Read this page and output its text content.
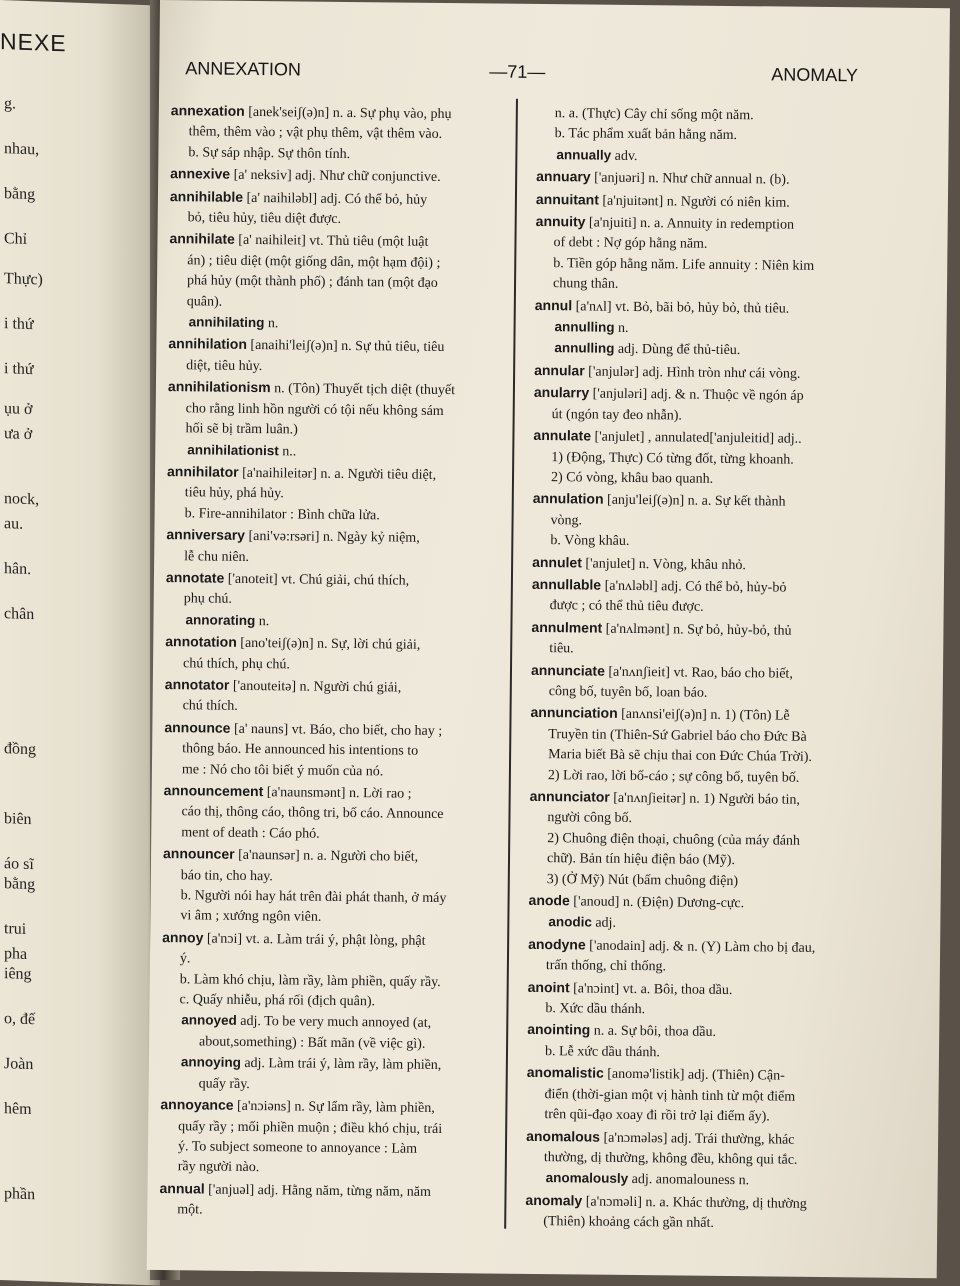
NEXE
g.
nhau,
bằng
Chỉ
Thực)
i thứ
i thứ
ụu ở
ưa ở
nock,
au.
hân.
chân
đồng
biên
áo sĩ
bằng
trui
pha
iêng
o, đế
Joàn
hêm
phần
ANNEXATION	—71—	ANOMALY
annexation [anek'seiʃ(ə)n] n. a. Sự phụ vào, phụ
thêm, thêm vào ; vật phụ thêm, vật thêm vào.
b. Sự sáp nhập. Sự thôn tính.
annexive [a' neksiv] adj. Như chữ conjunctive.
annihilable [a' naihiləbl] adj. Có thể bỏ, hủy
bỏ, tiêu hủy, tiêu diệt được.
annihilate [a' naihileit] vt. Thủ tiêu (một luật
án) ; tiêu diệt (một giống dân, một hạm đội) ;
phá hủy (một thành phố) ; đánh tan (một đạo
quân).
annihilating n.
annihilation [anaihi'leiʃ(ə)n] n. Sự thủ tiêu, tiêu
diệt, tiêu hủy.
annihilationism n. (Tôn) Thuyết tịch diệt (thuyết
cho rằng linh hồn người có tội nếu không sám
hối sẽ bị trầm luân.)
annihilationist n..
annihilator [a'naihileitər] n. a. Người tiêu diệt,
tiêu hủy, phá hủy.
b. Fire-annihilator : Bình chữa lửa.
anniversary [ani'və:rsəri] n. Ngày kỷ niệm,
lễ chu niên.
annotate ['anoteit] vt. Chú giải, chú thích,
phụ chú.
annorating n.
annotation [ano'teiʃ(ə)n] n. Sự, lời chú giải,
chú thích, phụ chú.
annotator ['anouteitə] n. Người chú giải,
chú thích.
announce [a' nauns] vt. Báo, cho biết, cho hay ;
thông báo. He announced his intentions to
me : Nó cho tôi biết ý muốn của nó.
announcement [a'naunsmənt] n. Lời rao ;
cáo thị, thông cáo, thông tri, bố cáo. Announce
ment of death : Cáo phó.
announcer [a'naunsər] n. a. Người cho biết,
báo tin, cho hay.
b. Người nói hay hát trên đài phát thanh, ở máy
vi âm ; xướng ngôn viên.
annoy [a'nɔi] vt. a. Làm trái ý, phật lòng, phật
ý.
b. Làm khó chịu, làm rầy, làm phiền, quấy rầy.
c. Quấy nhiễu, phá rối (địch quân).
annoyed adj. To be very much annoyed (at,
about,something) : Bất mãn (về việc gì).
annoying adj. Làm trái ý, làm rầy, làm phiền,
quấy rầy.
annoyance [a'nɔiəns] n. Sự lẩm rầy, làm phiền,
quấy rầy ; mối phiền muộn ; điều khó chịu, trái
ý. To subject someone to annoyance : Làm
rầy người nào.
annual ['anjuəl] adj. Hằng năm, từng năm, năm
một.
n. a. (Thực) Cây chỉ sống một năm.
b. Tác phẩm xuất bản hằng năm.
annually adv.
annuary ['anjuəri] n. Như chữ annual n. (b).
annuitant [a'njuitənt] n. Người có niên kim.
annuity [a'njuiti] n. a. Annuity in redemption
of debt : Nợ góp hằng năm.
b. Tiền góp hằng năm. Life annuity : Niên kim
chung thân.
annul [a'nʌl] vt. Bỏ, bãi bỏ, hủy bỏ, thủ tiêu.
annulling n.
annulling adj. Dùng để thủ-tiêu.
annular ['anjulər] adj. Hình tròn như cái vòng.
anularry ['anjuləri] adj. & n. Thuộc về ngón áp
út (ngón tay đeo nhẫn).
annulate ['anjulet] , annulated['anjuleitid] adj..
1) (Động, Thực) Có từng đốt, từng khoanh.
2) Có vòng, khâu bao quanh.
annulation [anju'leiʃ(ə)n] n. a. Sự kết thành
vòng.
b. Vòng khâu.
annulet ['anjulet] n. Vòng, khâu nhỏ.
annullable [a'nʌləbl] adj. Có thể bỏ, hủy-bỏ
được ; có thể thủ tiêu được.
annulment [a'nʌlmənt] n. Sự bỏ, hủy-bỏ, thủ
tiêu.
annunciate [a'nʌnʃieit] vt. Rao, báo cho biết,
công bố, tuyên bố, loan báo.
annunciation [anʌnsi'eiʃ(ə)n] n. 1) (Tôn) Lễ
Truyền tin (Thiên-Sứ Gabriel báo cho Đức Bà
Maria biết Bà sẽ chịu thai con Đức Chúa Trời).
2) Lời rao, lời bố-cáo ; sự công bố, tuyên bố.
annunciator [a'nʌnʃieitər] n. 1) Người báo tin,
người công bố.
2) Chuông điện thoại, chuông (của máy đánh
chữ). Bản tín hiệu điện báo (Mỹ).
3) (Ở Mỹ) Nút (bấm chuông điện)
anode ['anoud] n. (Điện) Dương-cực.
anodic adj.
anodyne ['anodain] adj. & n. (Y) Làm cho bị đau,
trấn thống, chỉ thống.
anoint [a'nɔint] vt. a. Bôi, thoa dầu.
b. Xức dầu thánh.
anointing n. a. Sự bôi, thoa dầu.
b. Lễ xức dầu thánh.
anomalistic [anomə'listik] adj. (Thiên) Cận-
điển (thời-gian một vị hành tinh từ một điểm
trên qũi-đạo xoay đi rồi trở lại điểm ấy).
anomalous [a'nɔmələs] adj. Trái thường, khác
thường, dị thường, không đều, không qui tắc.
anomalously adj. anomalouness n.
anomaly [a'nɔməli] n. a. Khác thường, dị thường
(Thiên) khoảng cách gần nhất.
